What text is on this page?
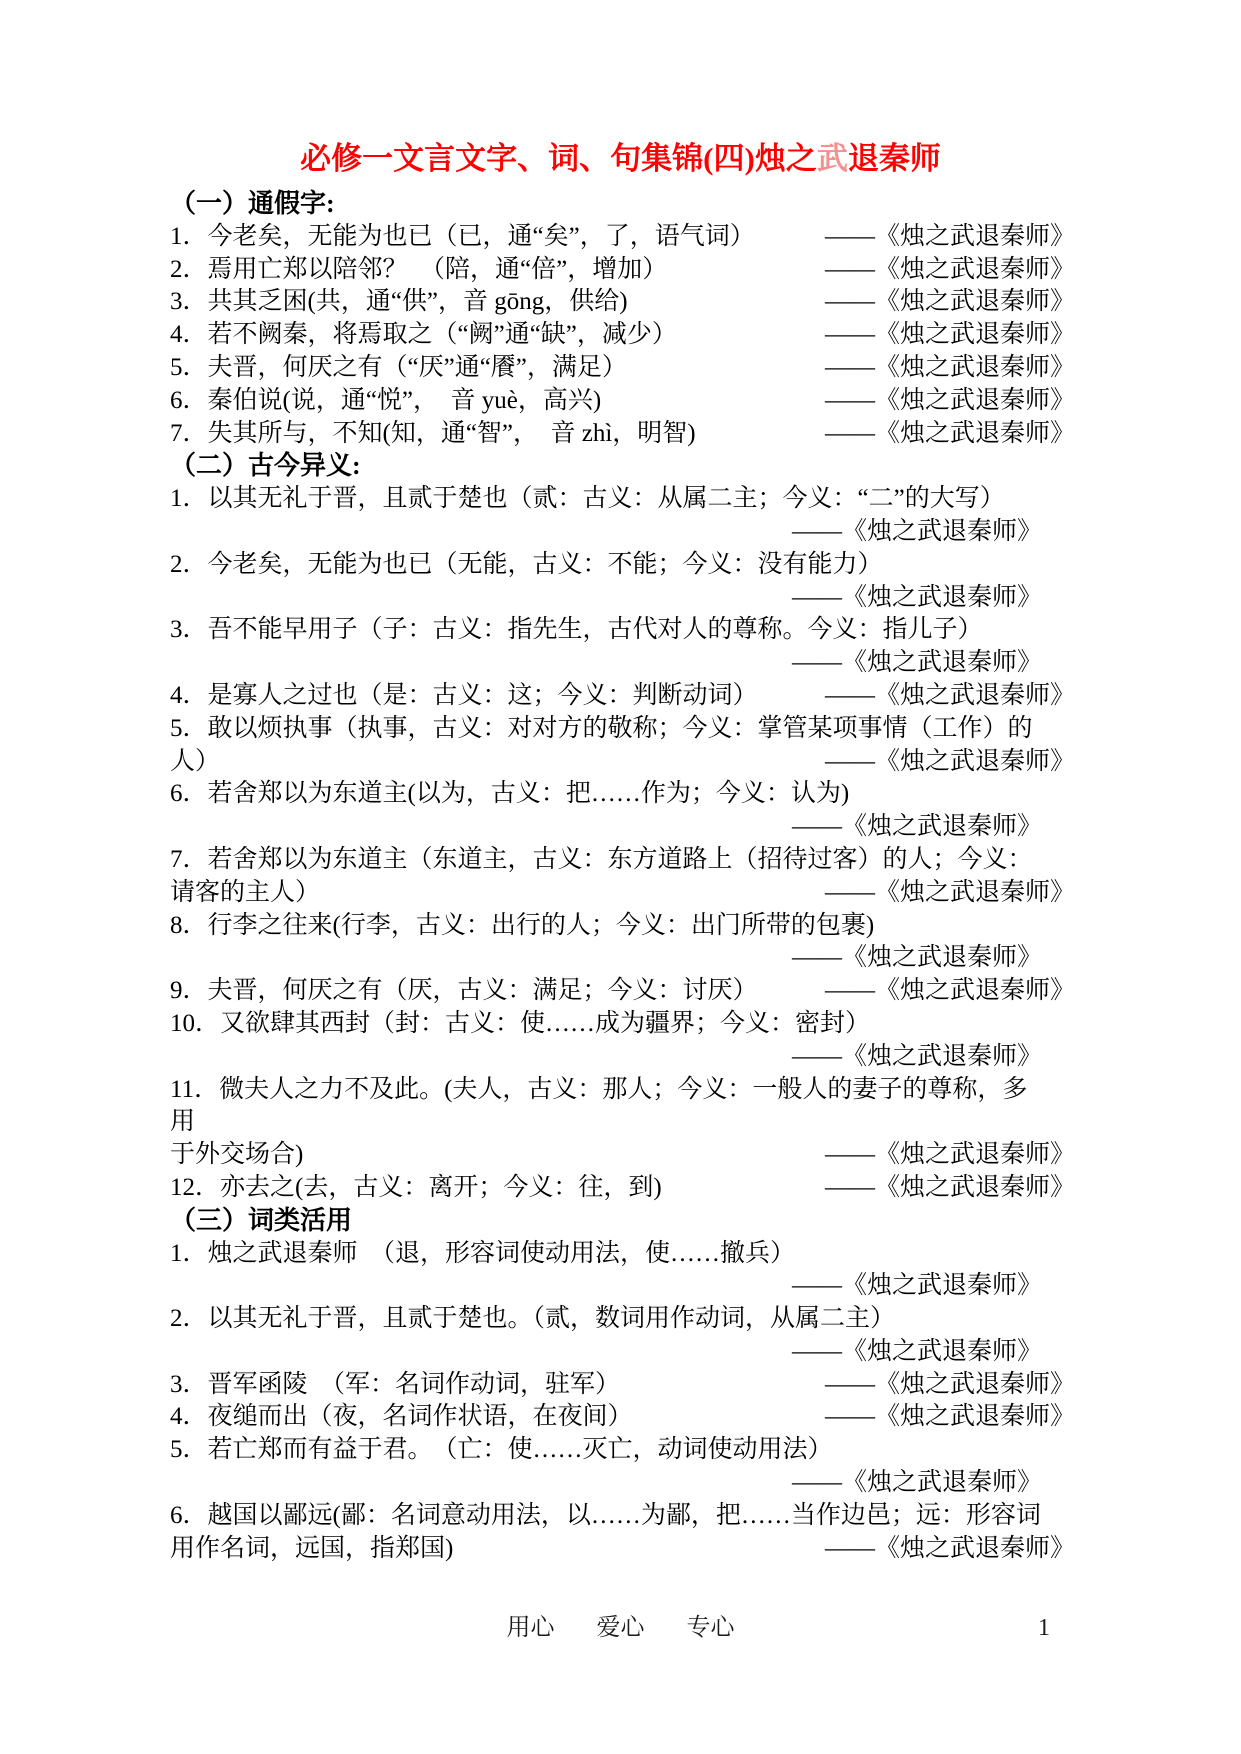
必修一文言文字、词、句集锦(四)烛之武退秦师
（一）通假字:
1．今老矣，无能为也已（已，通“矣”，了，语气词）	——《烛之武退秦师》
2．焉用亡郑以陪邻？　（陪，通“倍”，增加）	——《烛之武退秦师》
3．共其乏困(共，通“供”，音 gōng，供给)	——《烛之武退秦师》
4．若不阙秦，将焉取之（“阙”通“缺”，减少）	——《烛之武退秦师》
5．夫晋，何厌之有（“厌”通“餍”，满足）	——《烛之武退秦师》
6．秦伯说(说，通“悦”，　音 yuè，高兴)	——《烛之武退秦师》
7．失其所与，不知(知，通“智”，　音 zhì，明智)	——《烛之武退秦师》
（二）古今异义:
1．以其无礼于晋，且贰于楚也（贰：古义：从属二主；今义：“二”的大写）
——《烛之武退秦师》
2．今老矣，无能为也已（无能，古义：不能；今义：没有能力）
——《烛之武退秦师》
3．吾不能早用子（子：古义：指先生，古代对人的尊称。今义：指儿子）
——《烛之武退秦师》
4．是寡人之过也（是：古义：这；今义：判断动词）	——《烛之武退秦师》
5．敢以烦执事（执事，古义：对对方的敬称；今义：掌管某项事情（工作）的
人）	——《烛之武退秦师》
6．若舍郑以为东道主(以为，古义：把……作为；今义：认为)
——《烛之武退秦师》
7．若舍郑以为东道主（东道主，古义：东方道路上（招待过客）的人；今义：
请客的主人）	——《烛之武退秦师》
8．行李之往来(行李，古义：出行的人；今义：出门所带的包裹)
——《烛之武退秦师》
9．夫晋，何厌之有（厌，古义：满足；今义：讨厌）	——《烛之武退秦师》
10．又欲肆其西封（封：古义：使……成为疆界；今义：密封）
——《烛之武退秦师》
11．微夫人之力不及此。(夫人，古义：那人；今义：一般人的妻子的尊称，多
用
于外交场合)	——《烛之武退秦师》
12．亦去之(去，古义：离开；今义：往，到)	——《烛之武退秦师》
（三）词类活用
1．烛之武退秦师　（退，形容词使动用法，使……撤兵）
——《烛之武退秦师》
2．以其无礼于晋，且贰于楚也。（贰，数词用作动词，从属二主）
——《烛之武退秦师》
3．晋军函陵　（军：名词作动词，驻军）	——《烛之武退秦师》
4．夜缒而出（夜，名词作状语，在夜间）	——《烛之武退秦师》
5．若亡郑而有益于君。　（亡：使……灭亡，动词使动用法）
——《烛之武退秦师》
6．越国以鄙远(鄙：名词意动用法，以……为鄙，把……当作边邑；远：形容词
用作名词，远国，指郑国)	——《烛之武退秦师》
用心 爱心 专心	1
